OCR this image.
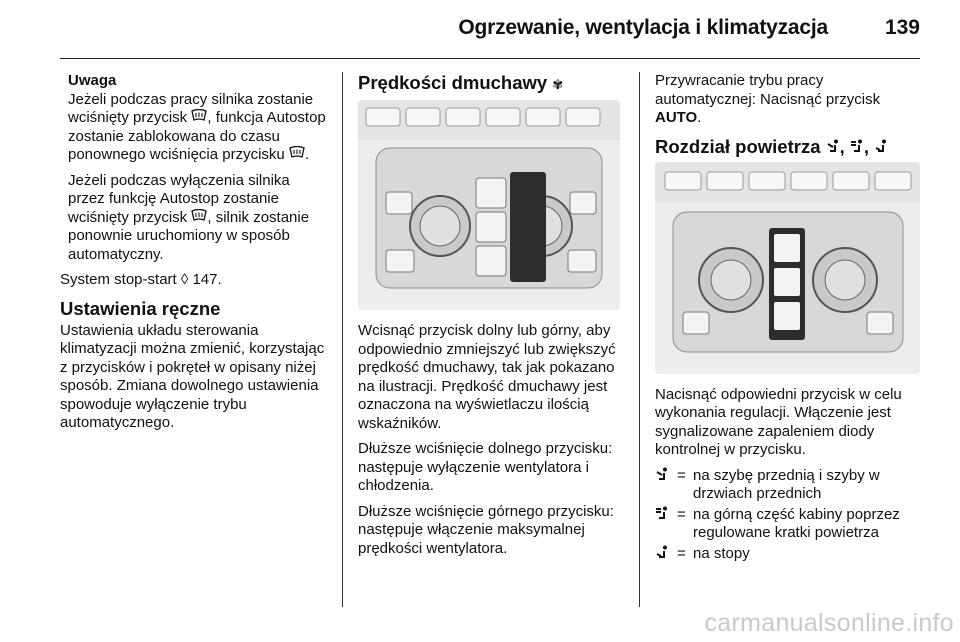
Ogrzewanie, wentylacja i klimatyzacja	139

Uwaga

Jeżeli podczas pracy silnika zostanie wciśnięty przycisk , funkcja Autostop zostanie zablokowana do czasu ponownego wciśnięcia przycisku .

Jeżeli podczas wyłączenia silnika przez funkcję Autostop zostanie wciśnięty przycisk , silnik zostanie ponownie uruchomiony w sposób automatyczny.

System stop-start ◊ 147.

Ustawienia ręczne

Ustawienia układu sterowania klimatyzacji można zmienić, korzystając z przycisków i pokręteł w opisany niżej sposób. Zmiana dowolnego ustawienia spowoduje wyłączenie trybu automatycznego.

Prędkości dmuchawy ✾

Wcisnąć przycisk dolny lub górny, aby odpowiednio zmniejszyć lub zwiększyć prędkość dmuchawy, tak jak pokazano na ilustracji. Prędkość dmuchawy jest oznaczona na wyświetlaczu ilością wskaźników.

Dłuższe wciśnięcie dolnego przycisku: następuje wyłączenie wentylatora i chłodzenia.

Dłuższe wciśnięcie górnego przycisku: następuje włączenie maksymalnej prędkości wentylatora.

Przywracanie trybu pracy automatycznej: Nacisnąć przycisk AUTO.

Rozdział powietrza , ,

Nacisnąć odpowiedni przycisk w celu wykonania regulacji. Włączenie jest sygnalizowane zapaleniem diody kontrolnej w przycisku.

= na szybę przednią i szyby w drzwiach przednich
= na górną część kabiny poprzez regulowane kratki powietrza
= na stopy
carmanualsonline.info
